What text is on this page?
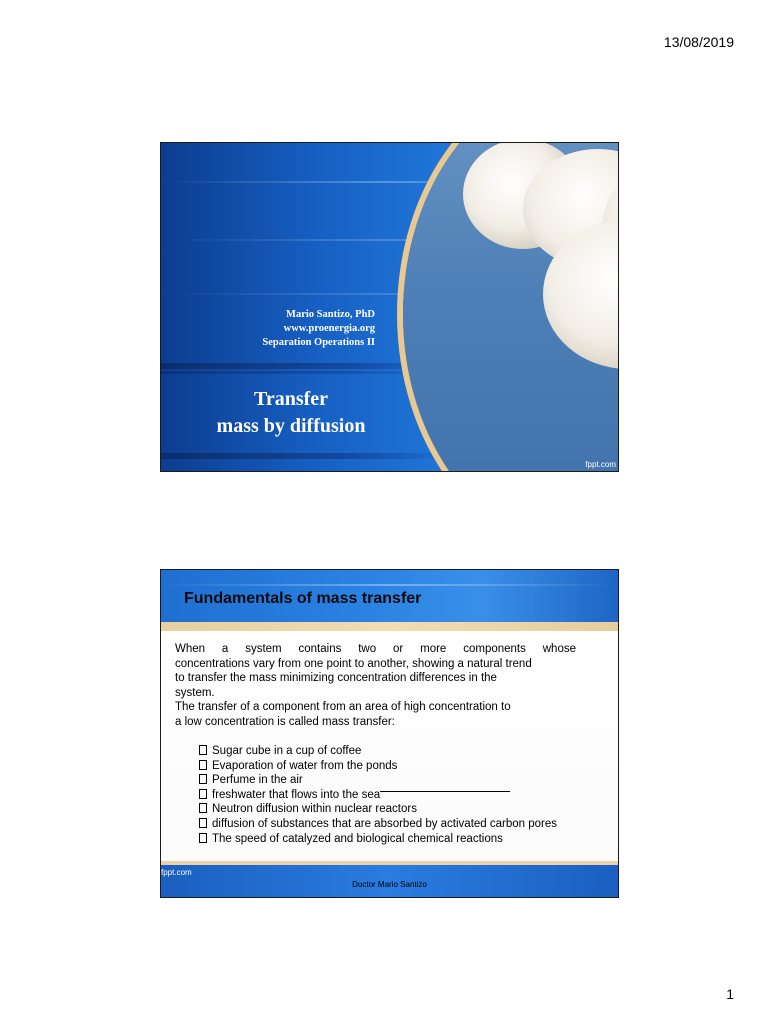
13/08/2019
Mario Santizo, PhD
www.proenergia.org
Separation Operations II
Transfer
mass by diffusion
fppt.com
Fundamentals of mass transfer

When a system contains two or more components whose

concentrations vary from one point to another, showing a natural trend

to transfer the mass minimizing concentration differences in the

system.

The transfer of a component from an area of high concentration to

a low concentration is called mass transfer:

Sugar cube in a cup of coffee
Evaporation of water from the ponds
Perfume in the air
freshwater that flows into the sea
Neutron diffusion within nuclear reactors
diffusion of substances that are absorbed by activated carbon pores
The speed of catalyzed and biological chemical reactions
fppt.com
Doctor Mario Santizo
1
